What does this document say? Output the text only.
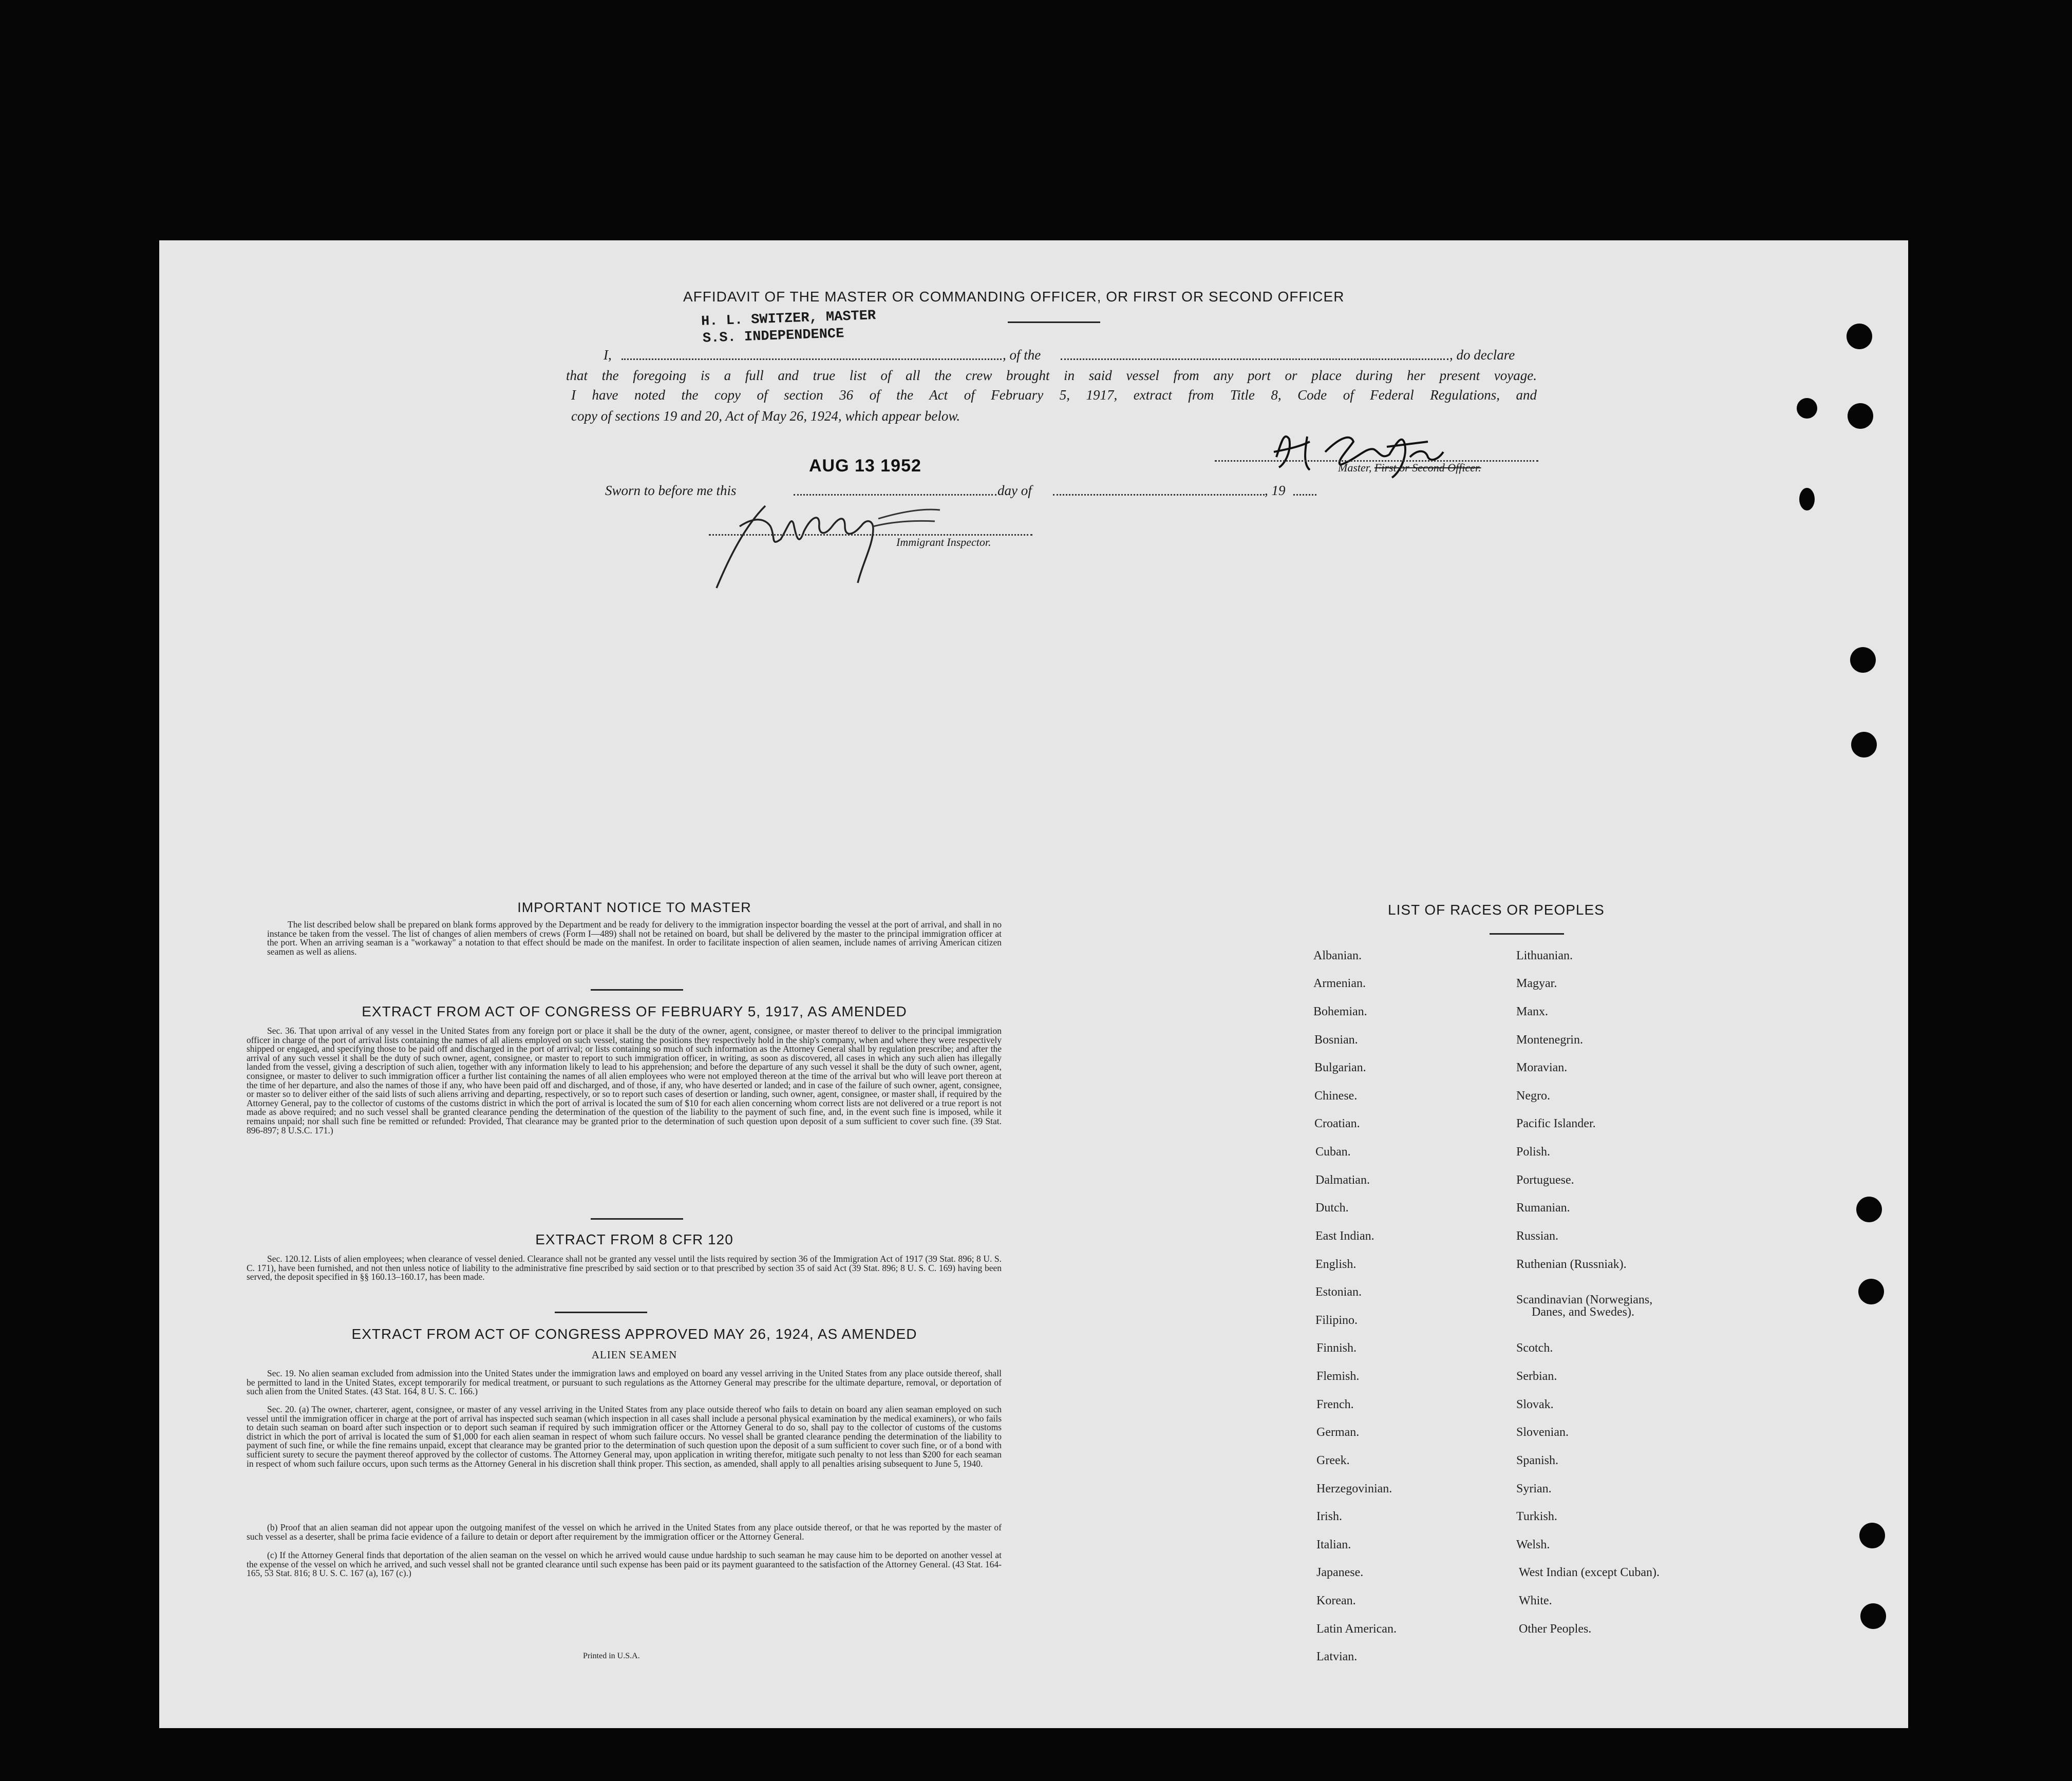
AFFIDAVIT OF THE MASTER OR COMMANDING OFFICER, OR FIRST OR SECOND OFFICER
H. L. SWITZER, MASTER
S.S. INDEPENDENCE
I,	, of the	, do declare
that the foregoing is a full and true list of all the crew brought in said vessel from any port or place during her present voyage.
I have noted the copy of section 36 of the Act of February 5, 1917, extract from Title 8, Code of Federal Regulations, and
copy of sections 19 and 20, Act of May 26, 1924, which appear below.
Master, First or Second Officer.
AUG 13 1952
Sworn to before me this	day of	, 19
Immigrant Inspector.
IMPORTANT NOTICE TO MASTER
The list described below shall be prepared on blank forms approved by the Department and be ready for delivery to the immigration inspector boarding the vessel at the port of arrival, and shall in no instance be taken from the vessel. The list of changes of alien members of crews (Form I—489) shall not be retained on board, but shall be delivered by the master to the principal immigration officer at the port. When an arriving seaman is a "workaway" a notation to that effect should be made on the manifest. In order to facilitate inspection of alien seamen, include names of arriving American citizen seamen as well as aliens.
EXTRACT FROM ACT OF CONGRESS OF FEBRUARY 5, 1917, AS AMENDED
Sec. 36. That upon arrival of any vessel in the United States from any foreign port or place it shall be the duty of the owner, agent, consignee, or master thereof to deliver to the principal immigration officer in charge of the port of arrival lists containing the names of all aliens employed on such vessel, stating the positions they respectively hold in the ship's company, when and where they were respectively shipped or engaged, and specifying those to be paid off and discharged in the port of arrival; or lists containing so much of such information as the Attorney General shall by regulation prescribe; and after the arrival of any such vessel it shall be the duty of such owner, agent, consignee, or master to report to such immigration officer, in writing, as soon as discovered, all cases in which any such alien has illegally landed from the vessel, giving a description of such alien, together with any information likely to lead to his apprehension; and before the departure of any such vessel it shall be the duty of such owner, agent, consignee, or master to deliver to such immigration officer a further list containing the names of all alien employees who were not employed thereon at the time of the arrival but who will leave port thereon at the time of her departure, and also the names of those if any, who have been paid off and discharged, and of those, if any, who have deserted or landed; and in case of the failure of such owner, agent, consignee, or master so to deliver either of the said lists of such aliens arriving and departing, respectively, or so to report such cases of desertion or landing, such owner, agent, consignee, or master shall, if required by the Attorney General, pay to the collector of customs of the customs district in which the port of arrival is located the sum of $10 for each alien concerning whom correct lists are not delivered or a true report is not made as above required; and no such vessel shall be granted clearance pending the determination of the question of the liability to the payment of such fine, and, in the event such fine is imposed, while it remains unpaid; nor shall such fine be remitted or refunded: Provided, That clearance may be granted prior to the determination of such question upon deposit of a sum sufficient to cover such fine. (39 Stat. 896-897; 8 U.S.C. 171.)
EXTRACT FROM 8 CFR 120
Sec. 120.12. Lists of alien employees; when clearance of vessel denied. Clearance shall not be granted any vessel until the lists required by section 36 of the Immigration Act of 1917 (39 Stat. 896; 8 U. S. C. 171), have been furnished, and not then unless notice of liability to the administrative fine prescribed by said section or to that prescribed by section 35 of said Act (39 Stat. 896; 8 U. S. C. 169) having been served, the deposit specified in §§ 160.13–160.17, has been made.
EXTRACT FROM ACT OF CONGRESS APPROVED MAY 26, 1924, AS AMENDED
ALIEN SEAMEN
Sec. 19. No alien seaman excluded from admission into the United States under the immigration laws and employed on board any vessel arriving in the United States from any place outside thereof, shall be permitted to land in the United States, except temporarily for medical treatment, or pursuant to such regulations as the Attorney General may prescribe for the ultimate departure, removal, or deportation of such alien from the United States. (43 Stat. 164, 8 U. S. C. 166.)
Sec. 20. (a) The owner, charterer, agent, consignee, or master of any vessel arriving in the United States from any place outside thereof who fails to detain on board any alien seaman employed on such vessel until the immigration officer in charge at the port of arrival has inspected such seaman (which inspection in all cases shall include a personal physical examination by the medical examiners), or who fails to detain such seaman on board after such inspection or to deport such seaman if required by such immigration officer or the Attorney General to do so, shall pay to the collector of customs of the customs district in which the port of arrival is located the sum of $1,000 for each alien seaman in respect of whom such failure occurs. No vessel shall be granted clearance pending the determination of the liability to payment of such fine, or while the fine remains unpaid, except that clearance may be granted prior to the determination of such question upon the deposit of a sum sufficient to cover such fine, or of a bond with sufficient surety to secure the payment thereof approved by the collector of customs. The Attorney General may, upon application in writing therefor, mitigate such penalty to not less than $200 for each seaman in respect of whom such failure occurs, upon such terms as the Attorney General in his discretion shall think proper. This section, as amended, shall apply to all penalties arising subsequent to June 5, 1940.
(b) Proof that an alien seaman did not appear upon the outgoing manifest of the vessel on which he arrived in the United States from any place outside thereof, or that he was reported by the master of such vessel as a deserter, shall be prima facie evidence of a failure to detain or deport after requirement by the immigration officer or the Attorney General.
(c) If the Attorney General finds that deportation of the alien seaman on the vessel on which he arrived would cause undue hardship to such seaman he may cause him to be deported on another vessel at the expense of the vessel on which he arrived, and such vessel shall not be granted clearance until such expense has been paid or its payment guaranteed to the satisfaction of the Attorney General. (43 Stat. 164-165, 53 Stat. 816; 8 U. S. C. 167 (a), 167 (c).)
Printed in U.S.A.
LIST OF RACES OR PEOPLES
Albanian.
Armenian.
Bohemian.
Bosnian.
Bulgarian.
Chinese.
Croatian.
Cuban.
Dalmatian.
Dutch.
East Indian.
English.
Estonian.
Filipino.
Finnish.
Flemish.
French.
German.
Greek.
Herzegovinian.
Irish.
Italian.
Japanese.
Korean.
Latin American.
Latvian.
Lithuanian.
Magyar.
Manx.
Montenegrin.
Moravian.
Negro.
Pacific Islander.
Polish.
Portuguese.
Rumanian.
Russian.
Ruthenian (Russniak).
Scandinavian (Norwegians,
Danes, and Swedes).
Scotch.
Serbian.
Slovak.
Slovenian.
Spanish.
Syrian.
Turkish.
Welsh.
West Indian (except Cuban).
White.
Other Peoples.
